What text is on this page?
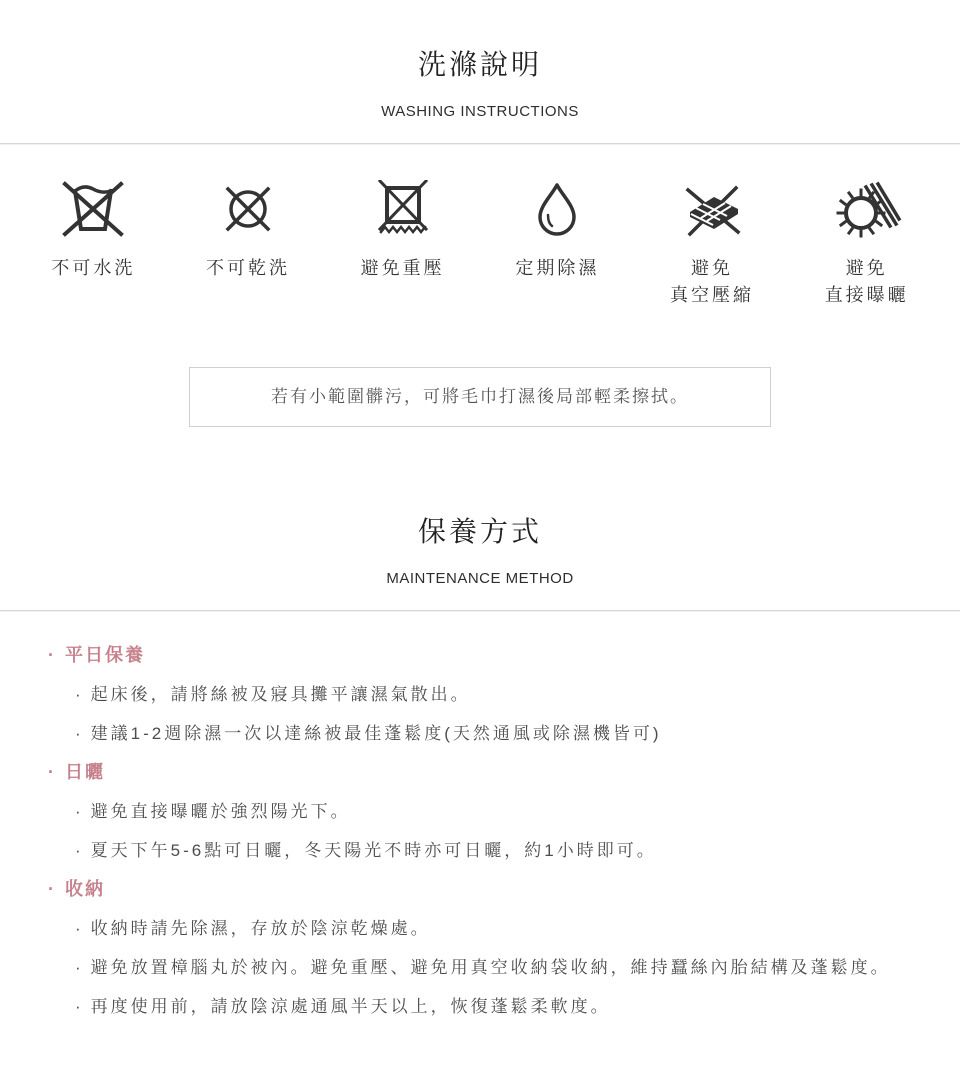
洗滌說明
WASHING INSTRUCTIONS
不可水洗	不可乾洗	避免重壓	定期除濕	避免
真空壓縮
避免
直接曝曬
若有小範圍髒污，可將毛巾打濕後局部輕柔擦拭。
保養方式
MAINTENANCE METHOD
· 平日保養
· 起床後，請將絲被及寢具攤平讓濕氣散出。
· 建議1-2週除濕一次以達絲被最佳蓬鬆度(天然通風或除濕機皆可)
· 日曬
· 避免直接曝曬於強烈陽光下。
· 夏天下午5-6點可日曬，冬天陽光不時亦可日曬，約1小時即可。
· 收納
· 收納時請先除濕，存放於陰涼乾燥處。
· 避免放置樟腦丸於被內。避免重壓、避免用真空收納袋收納，維持蠶絲內胎結構及蓬鬆度。
· 再度使用前，請放陰涼處通風半天以上，恢復蓬鬆柔軟度。
